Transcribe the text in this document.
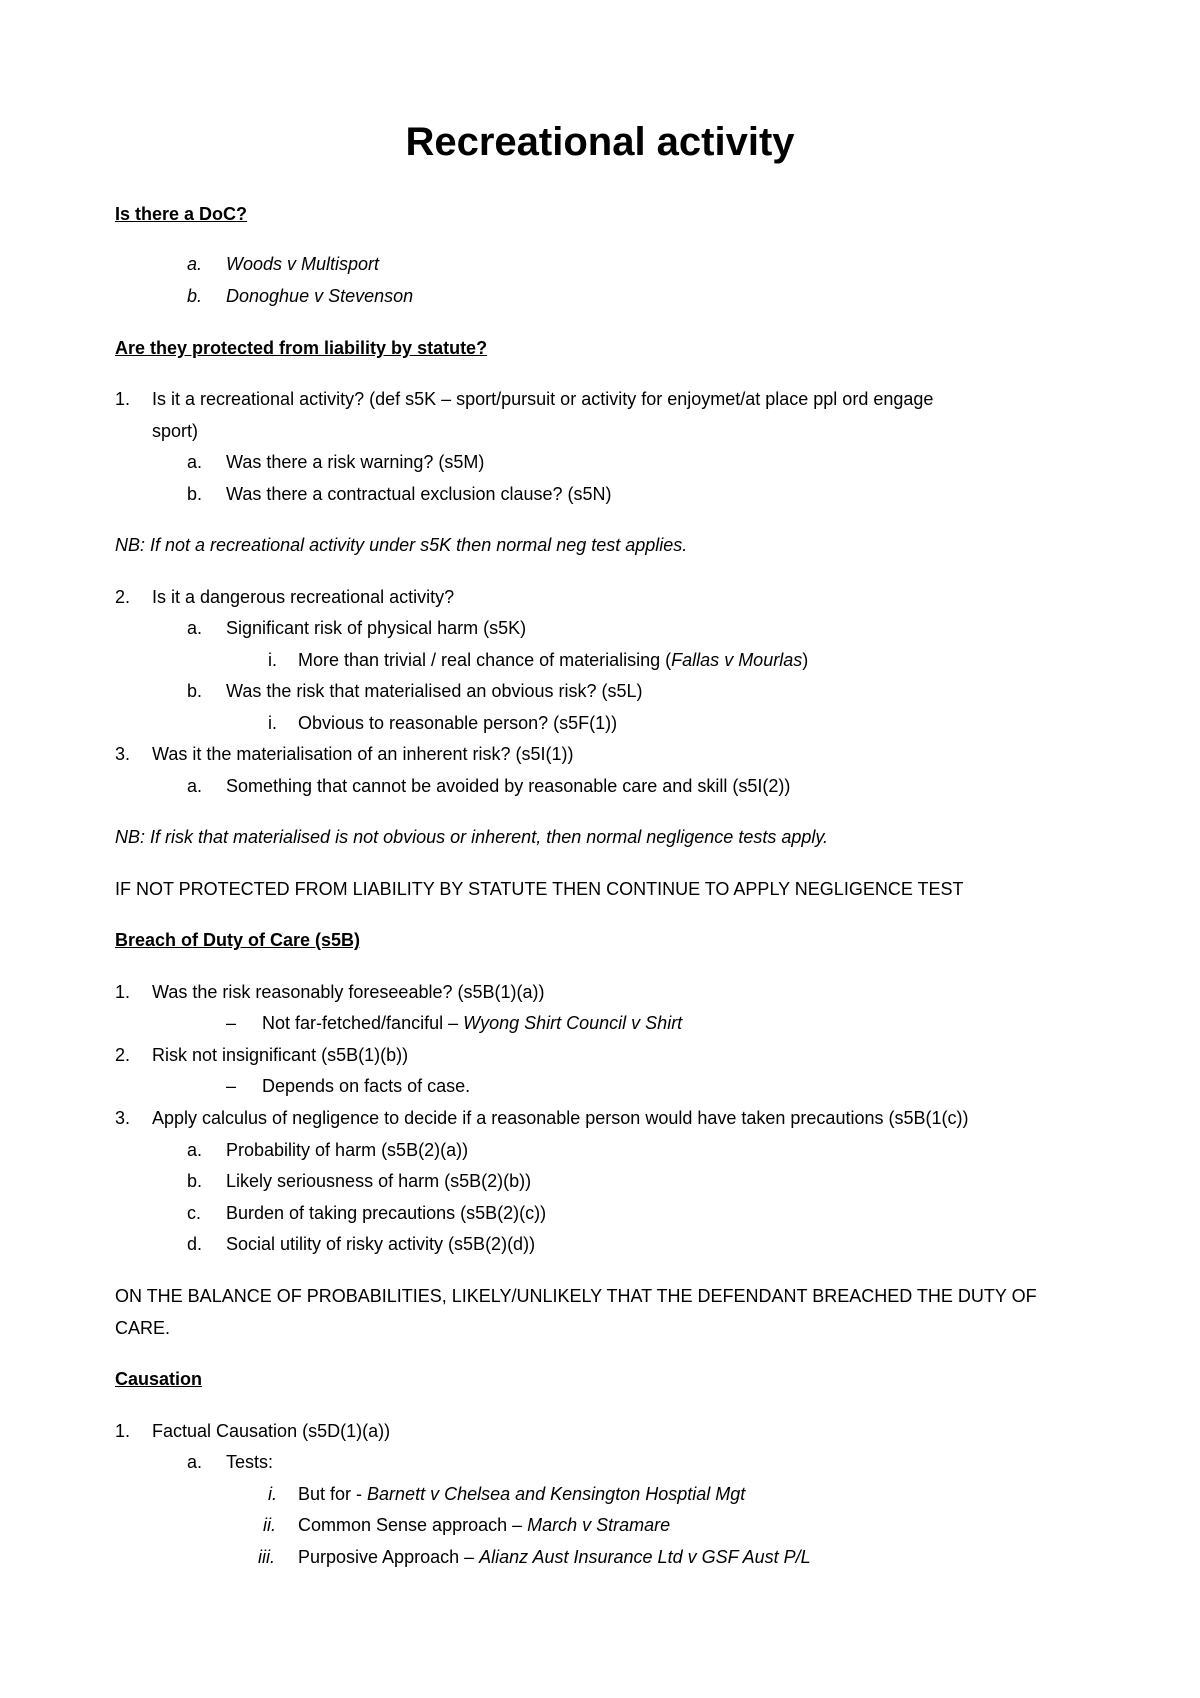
Recreational activity
Is there a DoC?
a. Woods v Multisport
b. Donoghue v Stevenson
Are they protected from liability by statute?
1. Is it a recreational activity? (def s5K – sport/pursuit or activity for enjoymet/at place ppl ord engage
sport)
a. Was there a risk warning? (s5M)
b. Was there a contractual exclusion clause? (s5N)
NB: If not a recreational activity under s5K then normal neg test applies.
2. Is it a dangerous recreational activity?
a. Significant risk of physical harm (s5K)
i. More than trivial / real chance of materialising (Fallas v Mourlas)
b. Was the risk that materialised an obvious risk? (s5L)
i. Obvious to reasonable person? (s5F(1))
3. Was it the materialisation of an inherent risk? (s5I(1))
a. Something that cannot be avoided by reasonable care and skill (s5I(2))
NB: If risk that materialised is not obvious or inherent, then normal negligence tests apply.
IF NOT PROTECTED FROM LIABILITY BY STATUTE THEN CONTINUE TO APPLY NEGLIGENCE TEST
Breach of Duty of Care (s5B)
1. Was the risk reasonably foreseeable? (s5B(1)(a))
– Not far-fetched/fanciful – Wyong Shirt Council v Shirt
2. Risk not insignificant (s5B(1)(b))
– Depends on facts of case.
3. Apply calculus of negligence to decide if a reasonable person would have taken precautions (s5B(1(c))
a. Probability of harm (s5B(2)(a))
b. Likely seriousness of harm (s5B(2)(b))
c. Burden of taking precautions (s5B(2)(c))
d. Social utility of risky activity (s5B(2)(d))
ON THE BALANCE OF PROBABILITIES, LIKELY/UNLIKELY THAT THE DEFENDANT BREACHED THE DUTY OF
CARE.
Causation
1. Factual Causation (s5D(1)(a))
a. Tests:
i. But for - Barnett v Chelsea and Kensington Hosptial Mgt
ii. Common Sense approach – March v Stramare
iii. Purposive Approach – Alianz Aust Insurance Ltd v GSF Aust P/L
